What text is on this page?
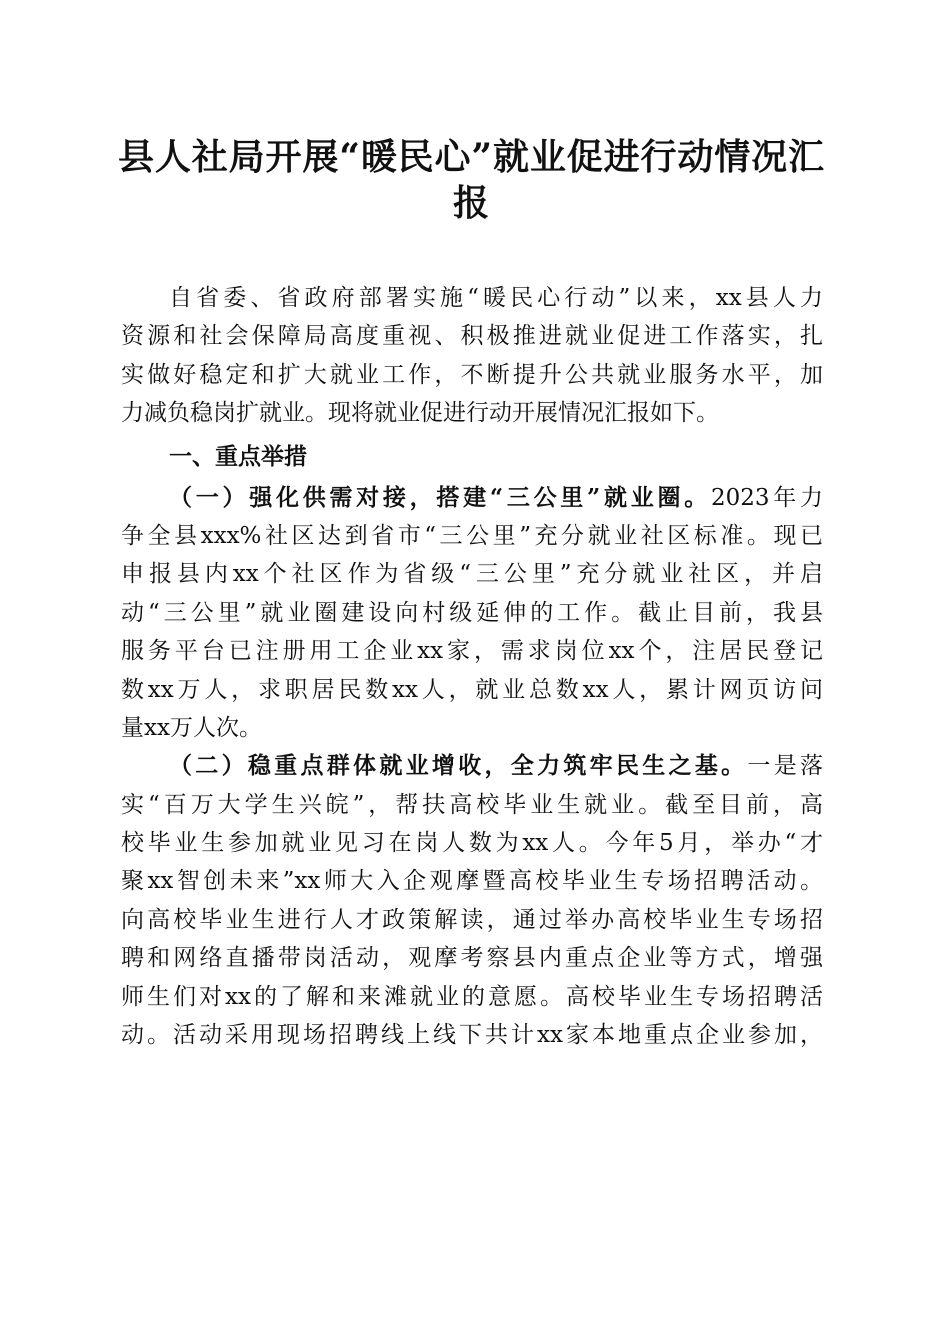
县人社局开展“暖民心”就业促进行动情况汇
报
自省委、省政府部署实施“暖民心行动”以来，xx县人力
资源和社会保障局高度重视、积极推进就业促进工作落实，扎
实做好稳定和扩大就业工作，不断提升公共就业服务水平，加
力减负稳岗扩就业。现将就业促进行动开展情况汇报如下。
一、重点举措
（一）强化供需对接，搭建“三公里”就业圈。2023年力
争全县xxx%社区达到省市“三公里”充分就业社区标准。现已
申报县内xx个社区作为省级“三公里”充分就业社区，并启
动“三公里”就业圈建设向村级延伸的工作。截止目前，我县
服务平台已注册用工企业xx家，需求岗位xx个，注居民登记
数xx万人，求职居民数xx人，就业总数xx人，累计网页访问
量xx万人次。
（二）稳重点群体就业增收，全力筑牢民生之基。一是落
实“百万大学生兴皖”，帮扶高校毕业生就业。截至目前，高
校毕业生参加就业见习在岗人数为xx人。今年5月，举办“才
聚xx智创未来”xx师大入企观摩暨高校毕业生专场招聘活动。
向高校毕业生进行人才政策解读，通过举办高校毕业生专场招
聘和网络直播带岗活动，观摩考察县内重点企业等方式，增强
师生们对xx的了解和来滩就业的意愿。高校毕业生专场招聘活
动。活动采用现场招聘线上线下共计xx家本地重点企业参加，
